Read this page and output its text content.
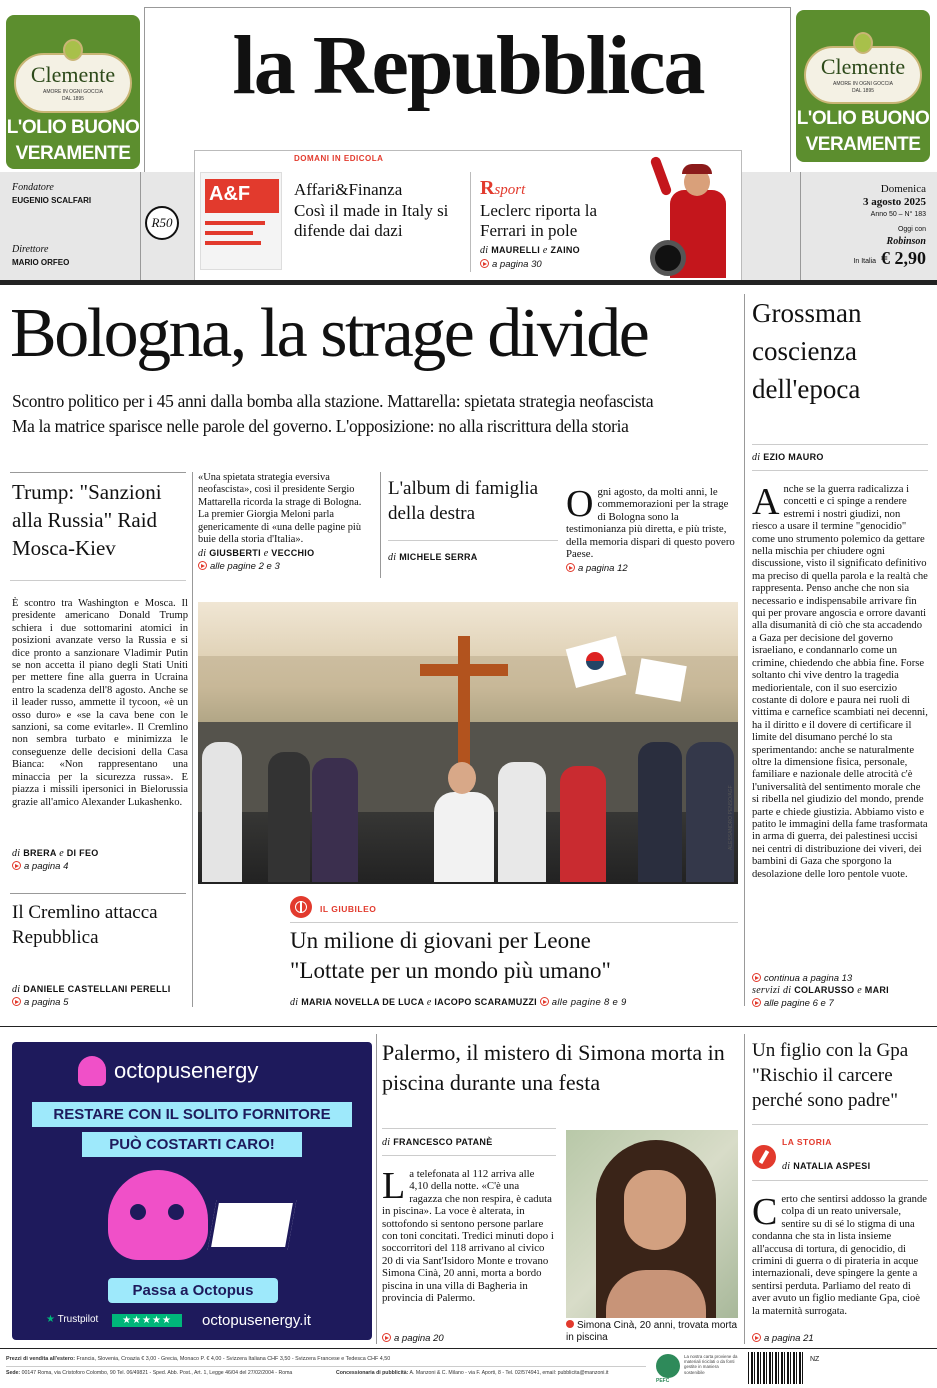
Clemente
AMORE IN OGNI GOCCIA
DAL 1895
L'OLIO BUONO
VERAMENTE
Clemente
AMORE IN OGNI GOCCIA
DAL 1895
L'OLIO BUONO
VERAMENTE
la Repubblica
Fondatore
EUGENIO SCALFARI
Direttore
MARIO ORFEO
R50
DOMANI IN EDICOLA
A&F	Affari&Finanza
Così il made in Italy si difende dai dazi
Rsport
Leclerc riporta la Ferrari in pole
di MAURELLI e ZAINO
a pagina 30
Domenica
3 agosto 2025
Anno 50 – N° 183
Oggi con
Robinson
In Italia € 2,90
Bologna, la strage divide
Scontro politico per i 45 anni dalla bomba alla stazione. Mattarella: spietata strategia neofascista
Ma la matrice sparisce nelle parole del governo. L'opposizione: no alla riscrittura della storia
Grossman coscienza dell'epoca
di EZIO MAURO
Anche se la guerra radicalizza i concetti e ci spinge a rendere estremi i nostri giudizi, non riesco a usare il termine "genocidio" come uno strumento polemico da gettare nella mischia per chiudere ogni discussione, visto il significato definitivo ma preciso di quella parola e la realtà che rappresenta. Penso anche che non sia necessario e indispensabile arrivare fin qui per provare angoscia e orrore davanti alla disumanità di ciò che sta accadendo a Gaza per decisione del governo israeliano, e condannarlo come un crimine, chiedendo che abbia fine. Forse soltanto chi vive dentro la tragedia mediorientale, con il suo esercizio costante di dolore e paura nei ruoli di vittima e carnefice scambiati nei decenni, ha il diritto e il dovere di certificare il limite del disumano perché lo sta sperimentando: anche se naturalmente oltre la dimensione fisica, personale, familiare e nazionale delle atrocità c'è l'universalità del sentimento morale che si ribella nel giudizio del mondo, prende parte e chiede giustizia. Abbiamo visto e patito le immagini della fame trasformata in arma di guerra, dei palestinesi uccisi nei centri di distribuzione dei viveri, dei bambini di Gaza che sporgono la desolazione delle loro pentole vuote.
continua a pagina 13
servizi di COLARUSSO e MARI
alle pagine 6 e 7
Trump: "Sanzioni alla Russia" Raid Mosca-Kiev
È scontro tra Washington e Mosca. Il presidente americano Donald Trump schiera i due sottomarini atomici in posizioni avanzate verso la Russia e si dice pronto a sanzionare Vladimir Putin se non accetta il piano degli Stati Uniti per mettere fine alla guerra in Ucraina entro la scadenza dell'8 agosto. Anche se il leader russo, ammette il tycoon, «è un osso duro» e «se la cava bene con le sanzioni, sa come evitarle». Il Cremlino non sembra turbato e minimizza le conseguenze delle decisioni della Casa Bianca: «Non rappresentano una minaccia per la sicurezza russa». E piazza i missili ipersonici in Bielorussia grazie all'amico Alexander Lukashenko.
di BRERA e DI FEO
a pagina 4
Il Cremlino attacca Repubblica
di DANIELE CASTELLANI PERELLI
a pagina 5
«Una spietata strategia eversiva neofascista», così il presidente Sergio Mattarella ricorda la strage di Bologna. La premier Giorgia Meloni parla genericamente di «una delle pagine più buie della storia d'Italia».
di GIUSBERTI e VECCHIO
alle pagine 2 e 3
L'album di famiglia della destra
di MICHELE SERRA
Ogni agosto, da molti anni, le commemorazioni per la strage di Bologna sono la testimonianza più diretta, e più triste, della memoria dispari di questo povero Paese.
a pagina 12
ALESSANDRO PENSO/AGF
IL GIUBILEO
Un milione di giovani per Leone
"Lottate per un mondo più umano"
di MARIA NOVELLA DE LUCA e IACOPO SCARAMUZZI alle pagine 8 e 9
octopusenergy
RESTARE CON IL SOLITO FORNITORE
PUÒ COSTARTI CARO!
Passa a Octopus
★ Trustpilot	★★★★★	octopusenergy.it
Palermo, il mistero di Simona morta in piscina durante una festa
di FRANCESCO PATANÈ
La telefonata al 112 arriva alle 4,10 della notte. «C'è una ragazza che non respira, è caduta in piscina». La voce è alterata, in sottofondo si sentono persone parlare con toni concitati. Tredici minuti dopo i soccorritori del 118 arrivano al civico 20 di via Sant'Isidoro Monte e trovano Simona Cinà, 20 anni, morta a bordo piscina in una villa di Bagheria in provincia di Palermo.
a pagina 20
Simona Cinà, 20 anni, trovata morta in piscina
Un figlio con la Gpa "Rischio il carcere perché sono padre"
LA STORIA
di NATALIA ASPESI
Certo che sentirsi addosso la grande colpa di un reato universale, sentire su di sé lo stigma di una condanna che sta in lista insieme all'accusa di tortura, di genocidio, di crimini di guerra o di pirateria in acque internazionali, deve spingere la gente a sentirsi perduta. Parliamo del reato di aver avuto un figlio mediante Gpa, cioè la maternità surrogata.
a pagina 21
Prezzi di vendita all'estero: Francia, Slovenia, Croazia € 3,00 - Grecia, Monaco P. € 4,00 - Svizzera Italiana CHF 3,50 - Svizzera Francese e Tedesca CHF 4,50
Sede: 00147 Roma, via Cristoforo Colombo, 90 Tel. 06/49821 - Sped. Abb. Post., Art. 1, Legge 46/04 del 27/02/2004 - Roma	Concessionaria di pubblicità: A. Manzoni & C. Milano - via F. Aporti, 8 - Tel. 02/574941, email: pubblicita@manzoni.it
PEFC
La nostra carta proviene da materiali riciclati o da fonti gestite in maniera sostenibile
NZ
